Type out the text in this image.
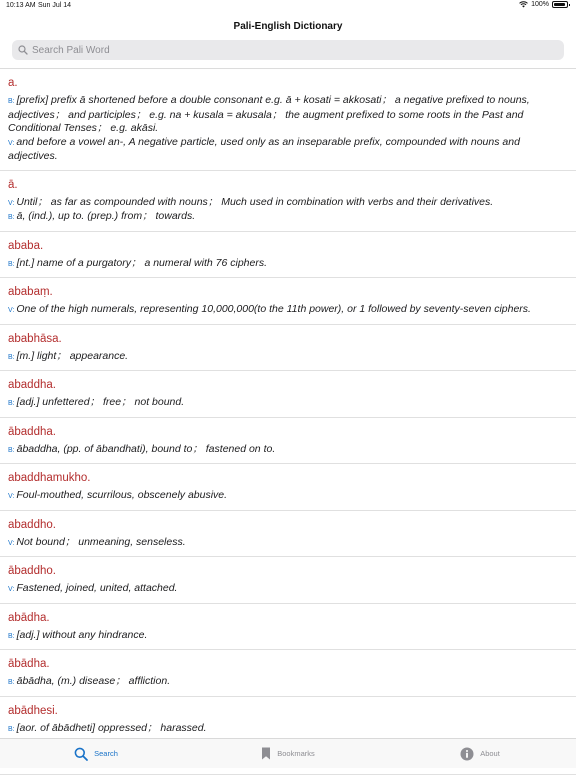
10:13 AM Sun Jul 14	100%
Pali-English Dictionary
Search Pali Word
a.
B: [prefix] prefix ā shortened before a double consonant e.g. ā + kosati = akkosati； a negative prefixed to nouns, adjectives； and participles； e.g. na + kusala = akusala； the augment prefixed to some roots in the Past and Conditional Tenses； e.g. akāsi.
V: and before a vowel an-, A negative particle, used only as an inseparable prefix, compounded with nouns and adjectives.
ā.
V: Until； as far as compounded with nouns； Much used in combination with verbs and their derivatives.
B: ā, (ind.), up to. (prep.) from； towards.
ababa.
B: [nt.] name of a purgatory； a numeral with 76 ciphers.
ababaṃ.
V: One of the high numerals, representing 10,000,000(to the 11th power), or 1 followed by seventy-seven ciphers.
ababhāsa.
B: [m.] light； appearance.
abaddha.
B: [adj.] unfettered； free； not bound.
ābaddha.
B: ābaddha, (pp. of ābandhati), bound to； fastened on to.
abaddhamukho.
V: Foul-mouthed, scurrilous, obscenely abusive.
abaddho.
V: Not bound； unmeaning, senseless.
ābaddho.
V: Fastened, joined, united, attached.
abādha.
B: [adj.] without any hindrance.
ābādha.
B: ābādha, (m.) disease； affliction.
abādhesi.
B: [aor. of ābādheti] oppressed； harassed.
Search	Bookmarks	About
